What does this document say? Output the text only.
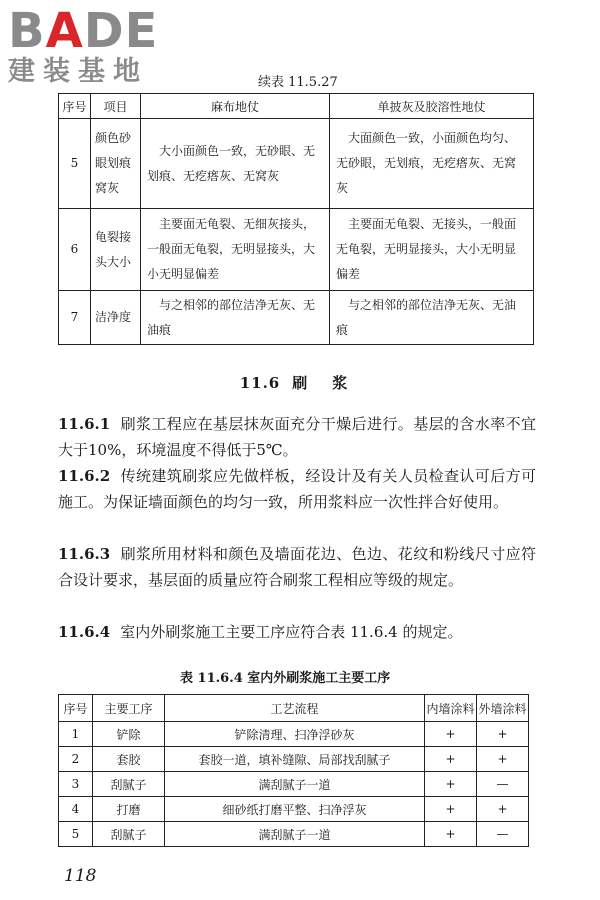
BADE
建装基地	续表 11.5.27
序号	项目	麻布地仗	单披灰及胶溶性地仗
5	颜色砂眼划痕窝灰	大小面颜色一致，无砂眼、无划痕、无疙瘩灰、无窝灰	大面颜色一致，小面颜色均匀、无砂眼，无划痕，无疙瘩灰、无窝灰
6	龟裂接头大小	主要面无龟裂、无细灰接头，一般面无龟裂，无明显接头，大小无明显偏差	主要面无龟裂、无接头，一般面无龟裂，无明显接头，大小无明显偏差
7	洁净度	与之相邻的部位洁净无灰、无油痕	与之相邻的部位洁净无灰、无油痕
11.6 刷 浆
11.6.1 刷浆工程应在基层抹灰面充分干燥后进行。基层的含水率不宜大于10%，环境温度不得低于5℃。
11.6.2 传统建筑刷浆应先做样板，经设计及有关人员检查认可后方可施工。为保证墙面颜色的均匀一致，所用浆料应一次性拌合好使用。
11.6.3 刷浆所用材料和颜色及墙面花边、色边、花纹和粉线尺寸应符合设计要求，基层面的质量应符合刷浆工程相应等级的规定。
11.6.4 室内外刷浆施工主要工序应符合表 11.6.4 的规定。
表 11.6.4 室内外刷浆施工主要工序
序号	主要工序	工艺流程	内墙涂料	外墙涂料
1	铲除	铲除清理、扫净浮砂灰	+	+
2	套胶	套胶一道，填补缝隙、局部找刮腻子	+	+
3	刮腻子	满刮腻子一道	+	—
4	打磨	细砂纸打磨平整、扫净浮灰	+	+
5	刮腻子	满刮腻子一道	+	—
118
